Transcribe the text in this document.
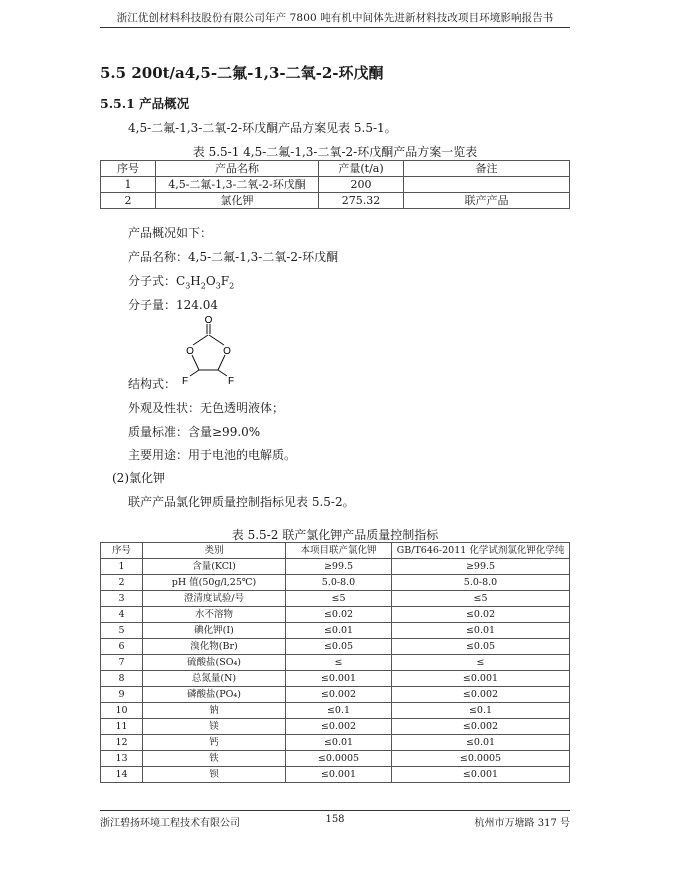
浙江优创材料科技股份有限公司年产 7800 吨有机中间体先进新材料技改项目环境影响报告书
5.5 200t/a4,5-二氟-1,3-二氧-2-环戊酮
5.5.1 产品概况
4,5-二氟-1,3-二氧-2-环戊酮产品方案见表 5.5-1。
表 5.5-1 4,5-二氟-1,3-二氧-2-环戊酮产品方案一览表
序号	产品名称	产量(t/a)	备注
1	4,5-二氟-1,3-二氧-2-环戊酮	200	
2	氯化钾	275.32	联产产品
产品概况如下：
产品名称：4,5-二氟-1,3-二氧-2-环戊酮
分子式：$C_3H_2O_3F_2$
分子量：124.04
O
O	O
F	F
结构式：
外观及性状：无色透明液体；
质量标准：含量≥99.0%
主要用途：用于电池的电解质。
(2)氯化钾
联产产品氯化钾质量控制指标见表 5.5-2。
表 5.5-2 联产氯化钾产品质量控制指标
序号	类别	本项目联产氯化钾	GB/T646-2011 化学试剂氯化钾化学纯
1	含量(KCl)	≥99.5	≥99.5
2	pH 值(50g/l,25℃)	5.0-8.0	5.0-8.0
3	澄清度试验/号	≤5	≤5
4	水不溶物	≤0.02	≤0.02
5	碘化钾(I)	≤0.01	≤0.01
6	溴化物(Br)	≤0.05	≤0.05
7	硫酸盐(SO₄)	≤	≤
8	总氮量(N)	≤0.001	≤0.001
9	磷酸盐(PO₄)	≤0.002	≤0.002
10	钠	≤0.1	≤0.1
11	镁	≤0.002	≤0.002
12	钙	≤0.01	≤0.01
13	铁	≤0.0005	≤0.0005
14	钡	≤0.001	≤0.001
浙江碧扬环境工程技术有限公司	158	杭州市万塘路 317 号
